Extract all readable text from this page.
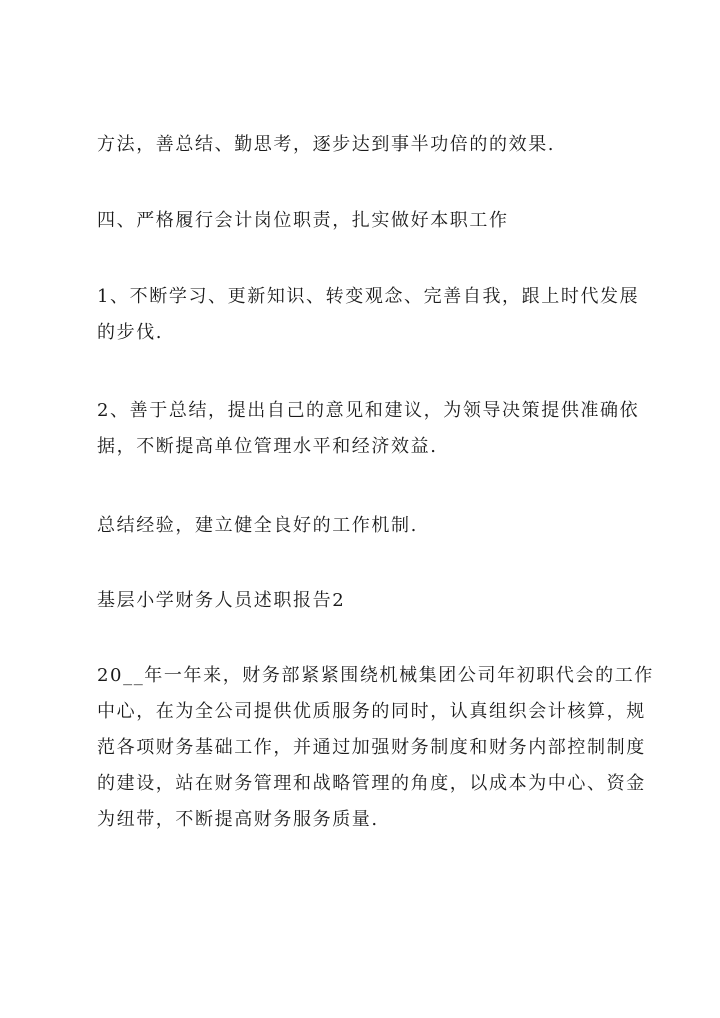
方法，善总结、勤思考，逐步达到事半功倍的的效果.

四、严格履行会计岗位职责，扎实做好本职工作

1、不断学习、更新知识、转变观念、完善自我，跟上时代发展
的步伐.

2、善于总结，提出自己的意见和建议，为领导决策提供准确依
据，不断提高单位管理水平和经济效益.

总结经验，建立健全良好的工作机制.

基层小学财务人员述职报告2

20__年一年来，财务部紧紧围绕机械集团公司年初职代会的工作
中心，在为全公司提供优质服务的同时，认真组织会计核算，规
范各项财务基础工作，并通过加强财务制度和财务内部控制制度
的建设，站在财务管理和战略管理的角度，以成本为中心、资金
为纽带，不断提高财务服务质量.
